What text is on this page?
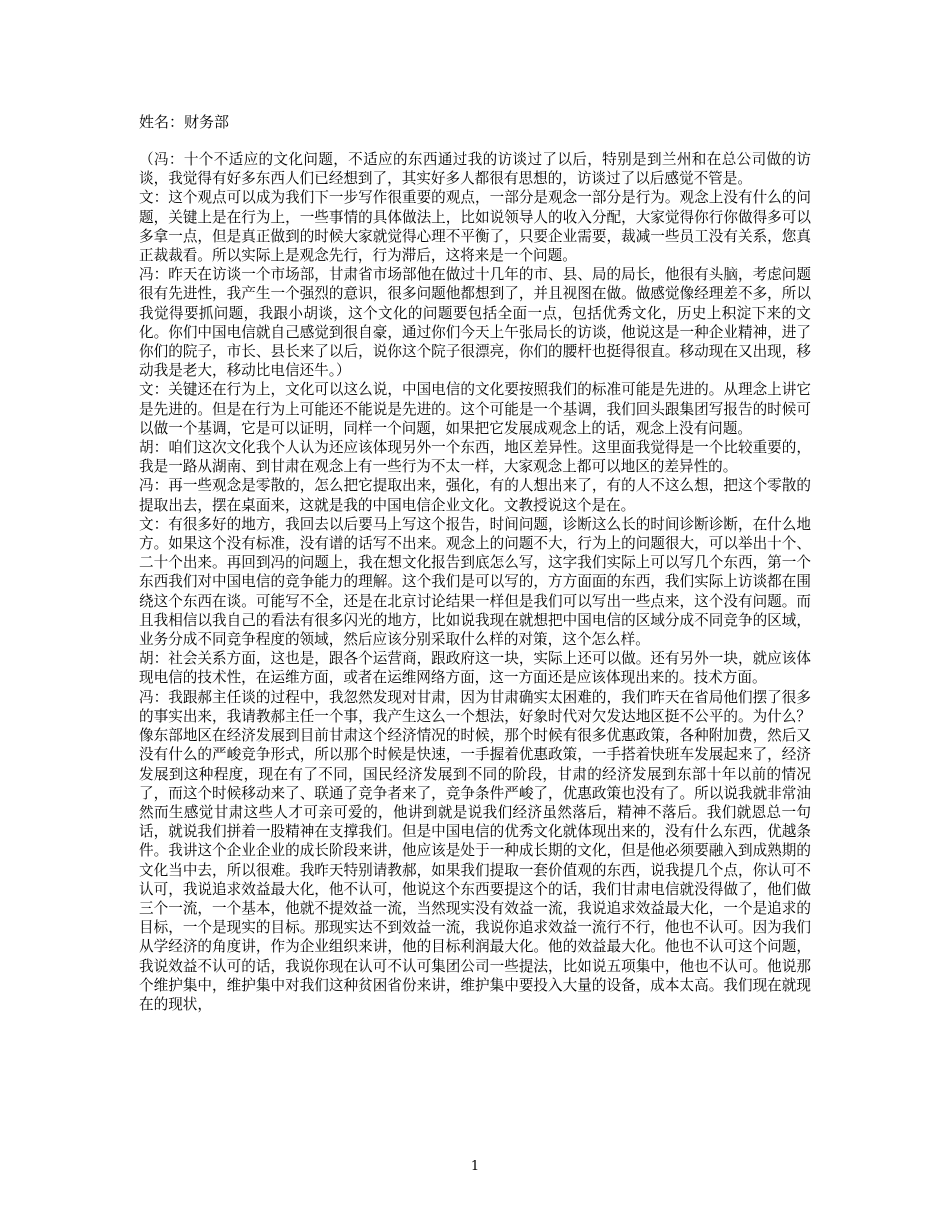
姓名：财务部

（冯：十个不适应的文化问题，不适应的东西通过我的访谈过了以后，特别是到兰州和在总公司做的访谈，我觉得有好多东西人们已经想到了，其实好多人都很有思想的，访谈过了以后感觉不管是。

文：这个观点可以成为我们下一步写作很重要的观点，一部分是观念一部分是行为。观念上没有什么的问题，关键上是在行为上，一些事情的具体做法上，比如说领导人的收入分配，大家觉得你行你做得多可以多拿一点，但是真正做到的时候大家就觉得心理不平衡了，只要企业需要，裁减一些员工没有关系，您真正裁裁看。所以实际上是观念先行，行为滞后，这将来是一个问题。

冯：昨天在访谈一个市场部，甘肃省市场部他在做过十几年的市、县、局的局长，他很有头脑，考虑问题很有先进性，我产生一个强烈的意识，很多问题他都想到了，并且视图在做。做感觉像经理差不多，所以我觉得要抓问题，我跟小胡谈，这个文化的问题要包括全面一点，包括优秀文化，历史上积淀下来的文化。你们中国电信就自己感觉到很自豪，通过你们今天上午张局长的访谈，他说这是一种企业精神，进了你们的院子，市长、县长来了以后，说你这个院子很漂亮，你们的腰杆也挺得很直。移动现在又出现，移动我是老大，移动比电信还牛。）

文：关键还在行为上，文化可以这么说，中国电信的文化要按照我们的标准可能是先进的。从理念上讲它是先进的。但是在行为上可能还不能说是先进的。这个可能是一个基调，我们回头跟集团写报告的时候可以做一个基调，它是可以证明，同样一个问题，如果把它发展成观念上的话，观念上没有问题。

胡：咱们这次文化我个人认为还应该体现另外一个东西，地区差异性。这里面我觉得是一个比较重要的，我是一路从湖南、到甘肃在观念上有一些行为不太一样，大家观念上都可以地区的差异性的。

冯：再一些观念是零散的，怎么把它提取出来，强化，有的人想出来了，有的人不这么想，把这个零散的提取出去，摆在桌面来，这就是我的中国电信企业文化。文教授说这个是在。

文：有很多好的地方，我回去以后要马上写这个报告，时间问题，诊断这么长的时间诊断诊断，在什么地方。如果这个没有标准，没有谱的话写不出来。观念上的问题不大，行为上的问题很大，可以举出十个、二十个出来。再回到冯的问题上，我在想文化报告到底怎么写，这字我们实际上可以写几个东西，第一个东西我们对中国电信的竞争能力的理解。这个我们是可以写的，方方面面的东西，我们实际上访谈都在围绕这个东西在谈。可能写不全，还是在北京讨论结果一样但是我们可以写出一些点来，这个没有问题。而且我相信以我自己的看法有很多闪光的地方，比如说我现在就想把中国电信的区域分成不同竞争的区域，业务分成不同竞争程度的领域，然后应该分别采取什么样的对策，这个怎么样。

胡：社会关系方面，这也是，跟各个运营商，跟政府这一块，实际上还可以做。还有另外一块，就应该体现电信的技术性，在运维方面，或者在运维网络方面，这一方面还是应该体现出来的。技术方面。

冯：我跟郝主任谈的过程中，我忽然发现对甘肃，因为甘肃确实太困难的，我们昨天在省局他们摆了很多的事实出来，我请教郝主任一个事，我产生这么一个想法，好象时代对欠发达地区挺不公平的。为什么？像东部地区在经济发展到目前甘肃这个经济情况的时候，那个时候有很多优惠政策，各种附加费，然后又没有什么的严峻竞争形式，所以那个时候是快速，一手握着优惠政策，一手搭着快班车发展起来了，经济发展到这种程度，现在有了不同，国民经济发展到不同的阶段，甘肃的经济发展到东部十年以前的情况了，而这个时候移动来了、联通了竞争者来了，竞争条件严峻了，优惠政策也没有了。所以说我就非常油然而生感觉甘肃这些人才可亲可爱的，他讲到就是说我们经济虽然落后，精神不落后。我们就恩总一句话，就说我们拼着一股精神在支撑我们。但是中国电信的优秀文化就体现出来的，没有什么东西，优越条件。我讲这个企业企业的成长阶段来讲，他应该是处于一种成长期的文化，但是他必须要融入到成熟期的文化当中去，所以很难。我昨天特别请教郝，如果我们提取一套价值观的东西，说我提几个点，你认可不认可，我说追求效益最大化，他不认可，他说这个东西要提这个的话，我们甘肃电信就没得做了，他们做三个一流，一个基本，他就不提效益一流，当然现实没有效益一流，我说追求效益最大化，一个是追求的目标，一个是现实的目标。那现实达不到效益一流，我说你追求效益一流行不行，他也不认可。因为我们从学经济的角度讲，作为企业组织来讲，他的目标利润最大化。他的效益最大化。他也不认可这个问题，我说效益不认可的话，我说你现在认可不认可集团公司一些提法，比如说五项集中，他也不认可。他说那个维护集中，维护集中对我们这种贫困省份来讲，维护集中要投入大量的设备，成本太高。我们现在就现在的现状，

1
